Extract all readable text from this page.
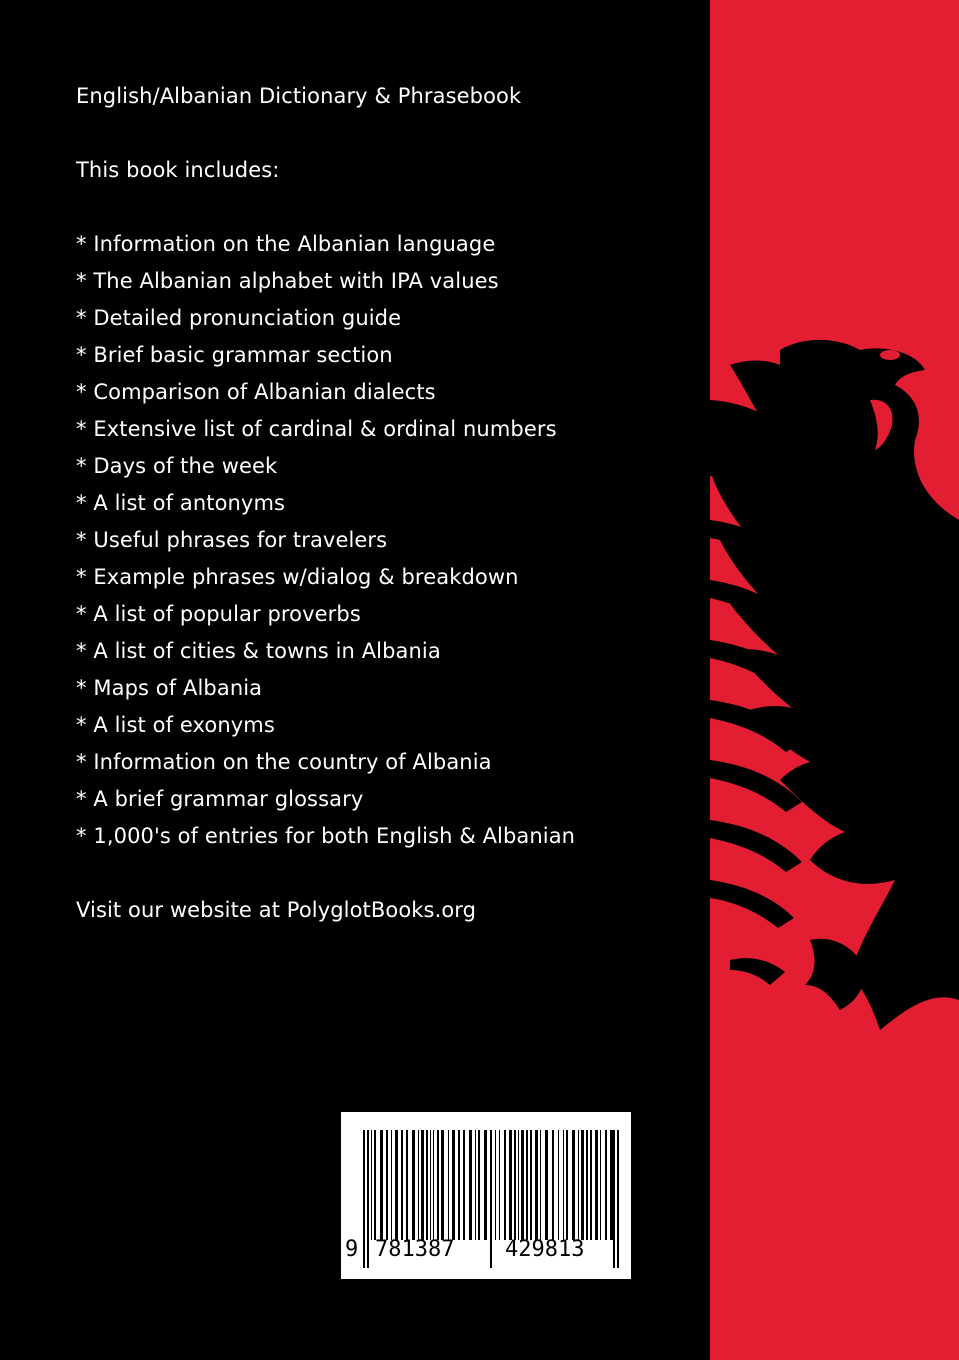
English/Albanian Dictionary & Phrasebook
This book includes:
* Information on the Albanian language
* The Albanian alphabet with IPA values
* Detailed pronunciation guide
* Brief basic grammar section
* Comparison of Albanian dialects
* Extensive list of cardinal & ordinal numbers
* Days of the week
* A list of antonyms
* Useful phrases for travelers
* Example phrases w/dialog & breakdown
* A list of popular proverbs
* A list of cities & towns in Albania
* Maps of Albania
* A list of exonyms
* Information on the country of Albania
* A brief grammar glossary
* 1,000's of entries for both English & Albanian
Visit our website at PolyglotBooks.org
9 781387 429813
